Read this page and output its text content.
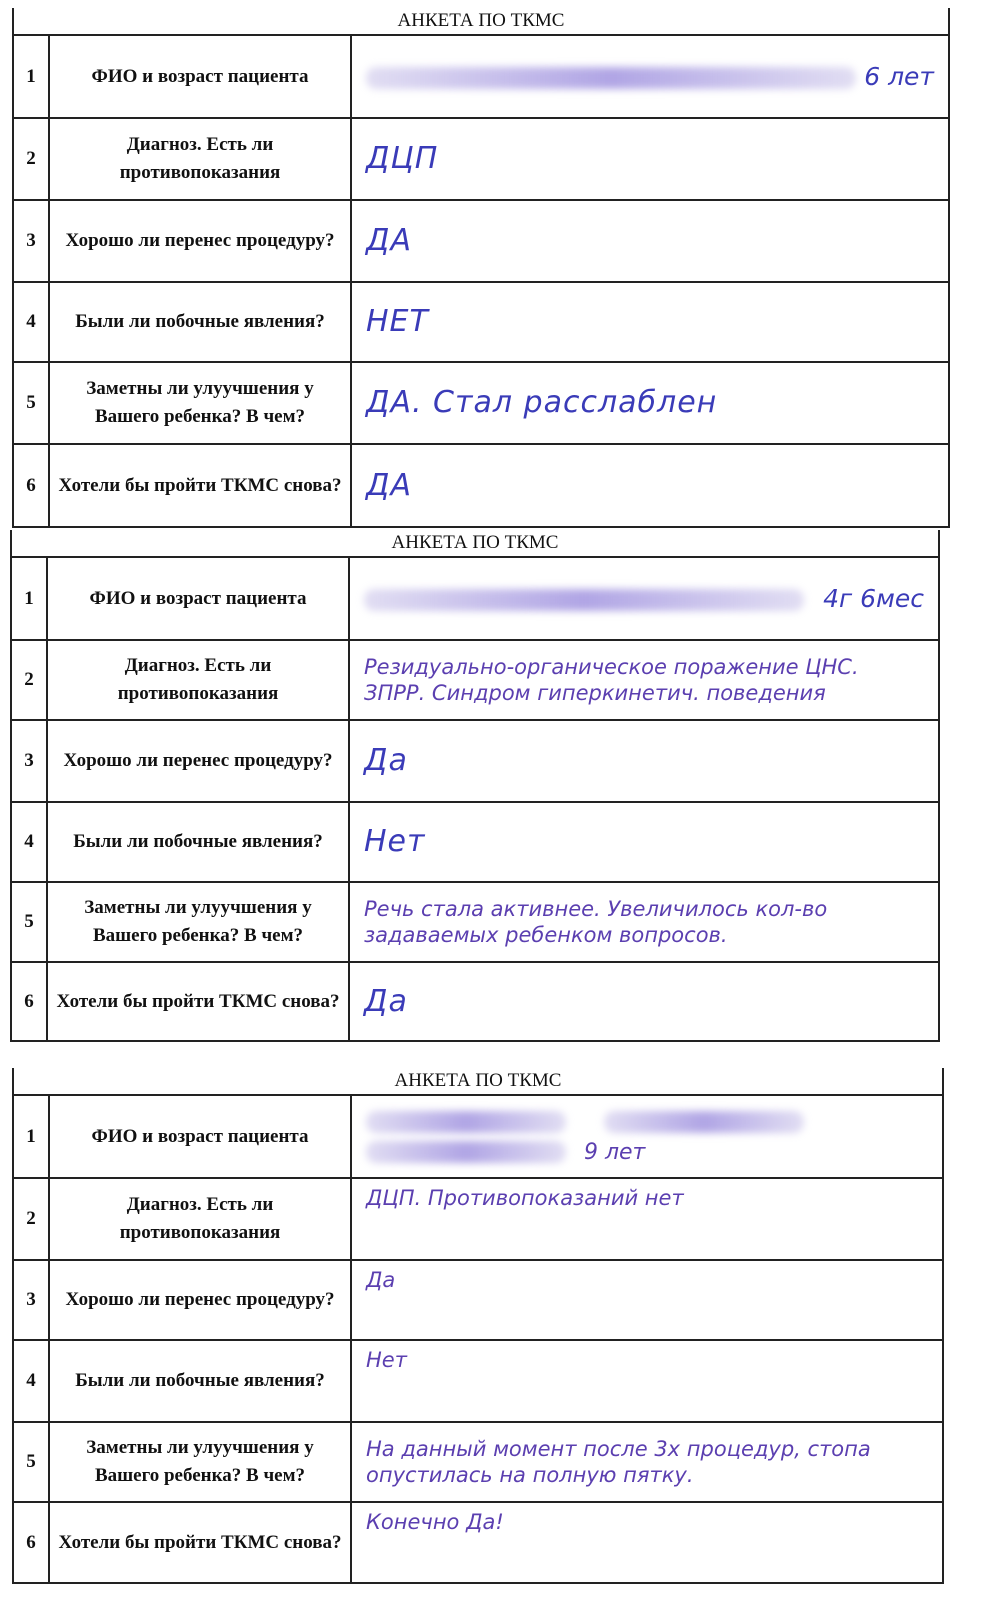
АНКЕТА ПО ТКМС
1	ФИО и возраст пациента	6 лет

2	Диагноз. Есть ли противопоказания	ДЦП
3	Хорошо ли перенес процедуру?	ДА
4	Были ли побочные явления?	НЕТ
5	Заметны ли улуучшения у Вашего ребенка? В чем?	ДА. Стал расслаблен
6	Хотели бы пройти ТКМС снова?	ДА
АНКЕТА ПО ТКМС
1	ФИО и возраст пациента	4г 6мес

2	Диагноз. Есть ли противопоказания	Резидуально-органическое поражение ЦНС. ЗПРР. Синдром гиперкинетич. поведения
3	Хорошо ли перенес процедуру?	Да
4	Были ли побочные явления?	Нет
5	Заметны ли улуучшения у Вашего ребенка? В чем?	Речь стала активнее. Увеличилось кол-во задаваемых ребенком вопросов.
6	Хотели бы пройти ТКМС снова?	Да
АНКЕТА ПО ТКМС
1	ФИО и возраст пациента	9 лет
2	Диагноз. Есть ли противопоказания	ДЦП. Противопоказаний нет
3	Хорошо ли перенес процедуру?	Да
4	Были ли побочные явления?	Нет
5	Заметны ли улуучшения у Вашего ребенка? В чем?	На данный момент после 3х процедур, стопа опустилась на полную пятку.
6	Хотели бы пройти ТКМС снова?	Конечно Да!
